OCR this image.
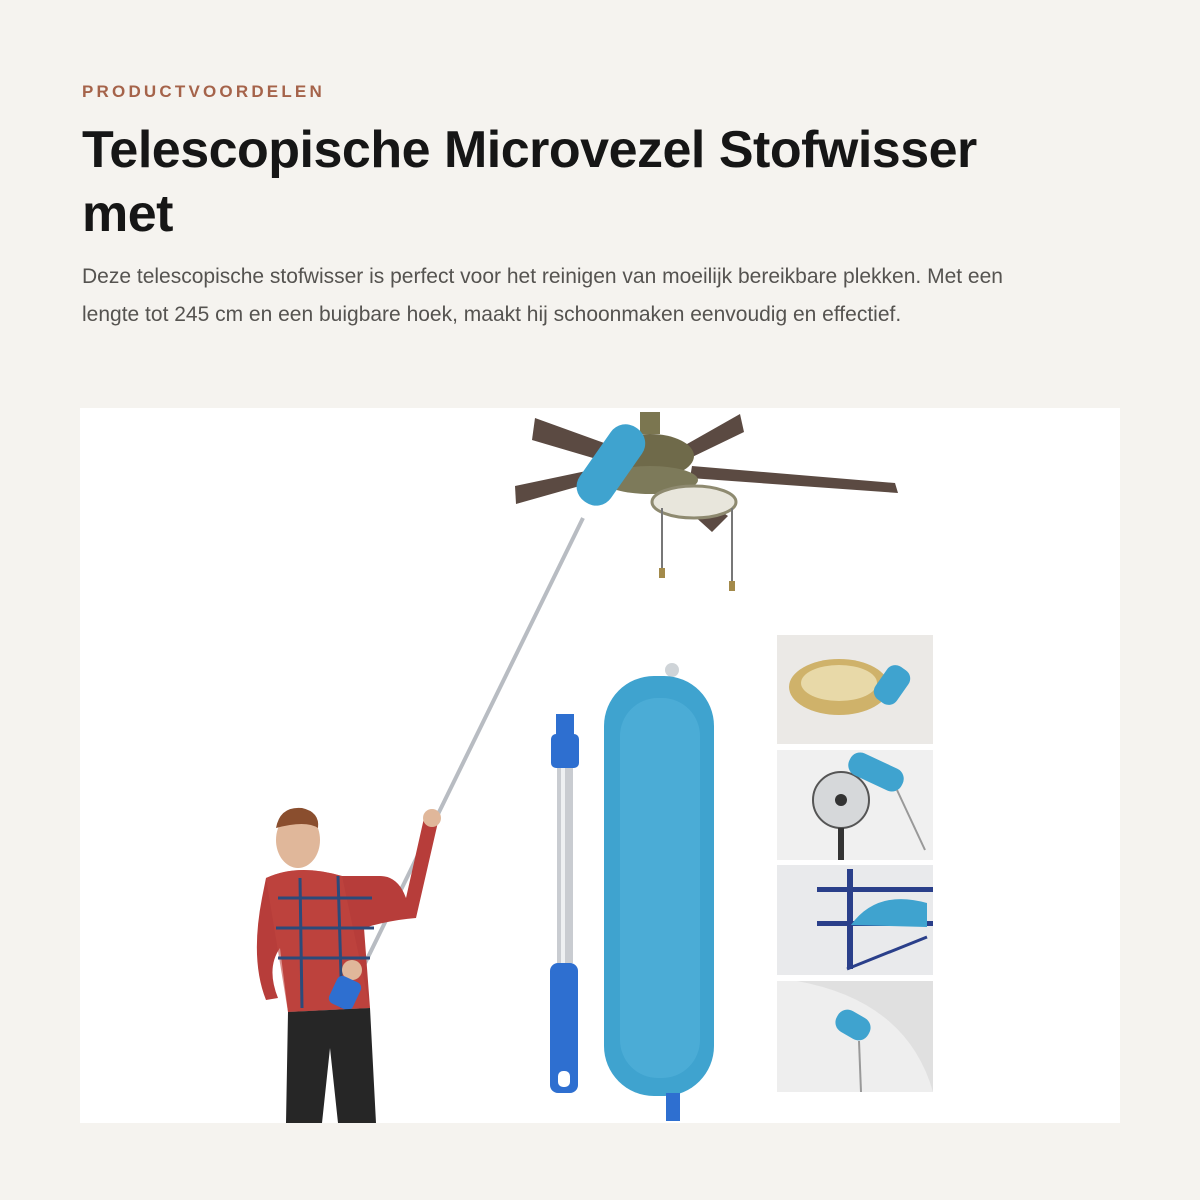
PRODUCTVOORDELEN
Telescopische Microvezel Stofwisser met

Deze telescopische stofwisser is perfect voor het reinigen van moeilijk bereikbare plekken. Met een lengte tot 245 cm en een buigbare hoek, maakt hij schoonmaken eenvoudig en effectief.
